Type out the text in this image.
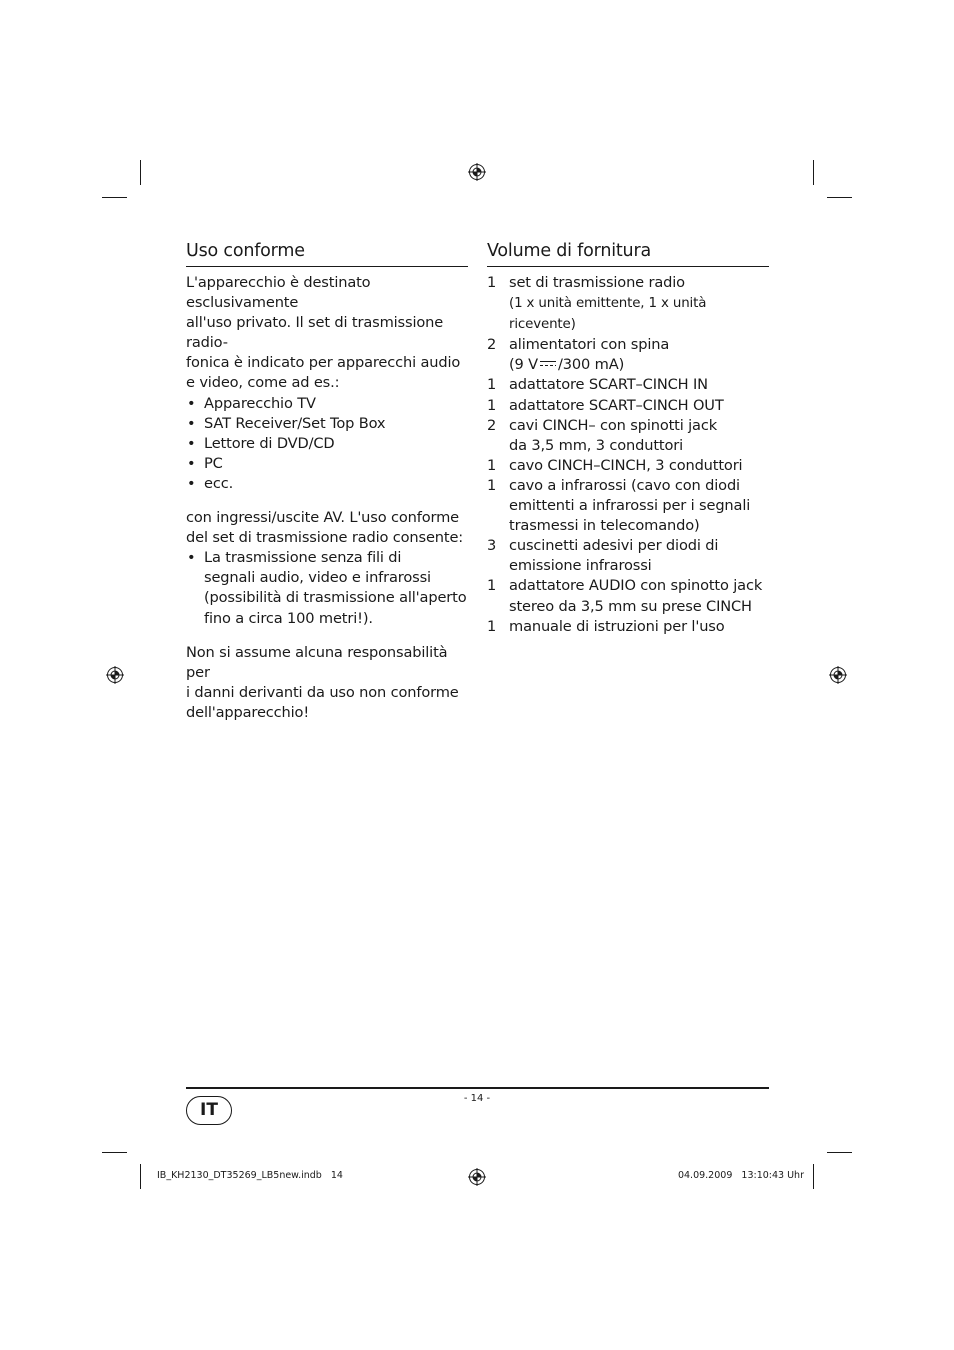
Uso conforme

L'apparecchio è destinato esclusivamente
all'uso privato. Il set di trasmissione radio-
fonica è indicato per apparecchi audio
e video, come ad es.:

• Apparecchio TV
• SAT Receiver/Set Top Box
• Lettore di DVD/CD
• PC
• ecc.

con ingressi/uscite AV. L'uso conforme
del set di trasmissione radio consente:

• La trasmissione senza fili di
segnali audio, video e infrarossi
(possibilità di trasmissione all'aperto
fino a circa 100 metri!).

Non si assume alcuna responsabilità per
i danni derivanti da uso non conforme
dell'apparecchio!

Volume di fornitura
1 set di trasmissione radio
(1 x unità emittente, 1 x unità ricevente)
2 alimentatori con spina
(9 V /300 mA)
1 adattatore SCART–CINCH IN
1 adattatore SCART–CINCH OUT
2 cavi CINCH– con spinotti jack
da 3,5 mm, 3 conduttori
1 cavo CINCH–CINCH, 3 conduttori
1 cavo a infrarossi (cavo con diodi
emittenti a infrarossi per i segnali
trasmessi in telecomando)
3 cuscinetti adesivi per diodi di
emissione infrarossi
1 adattatore AUDIO con spinotto jack
stereo da 3,5 mm su prese CINCH
1 manuale di istruzioni per l'uso
- 14 -
IT
IB_KH2130_DT35269_LB5new.indb   14	04.09.2009   13:10:43 Uhr
